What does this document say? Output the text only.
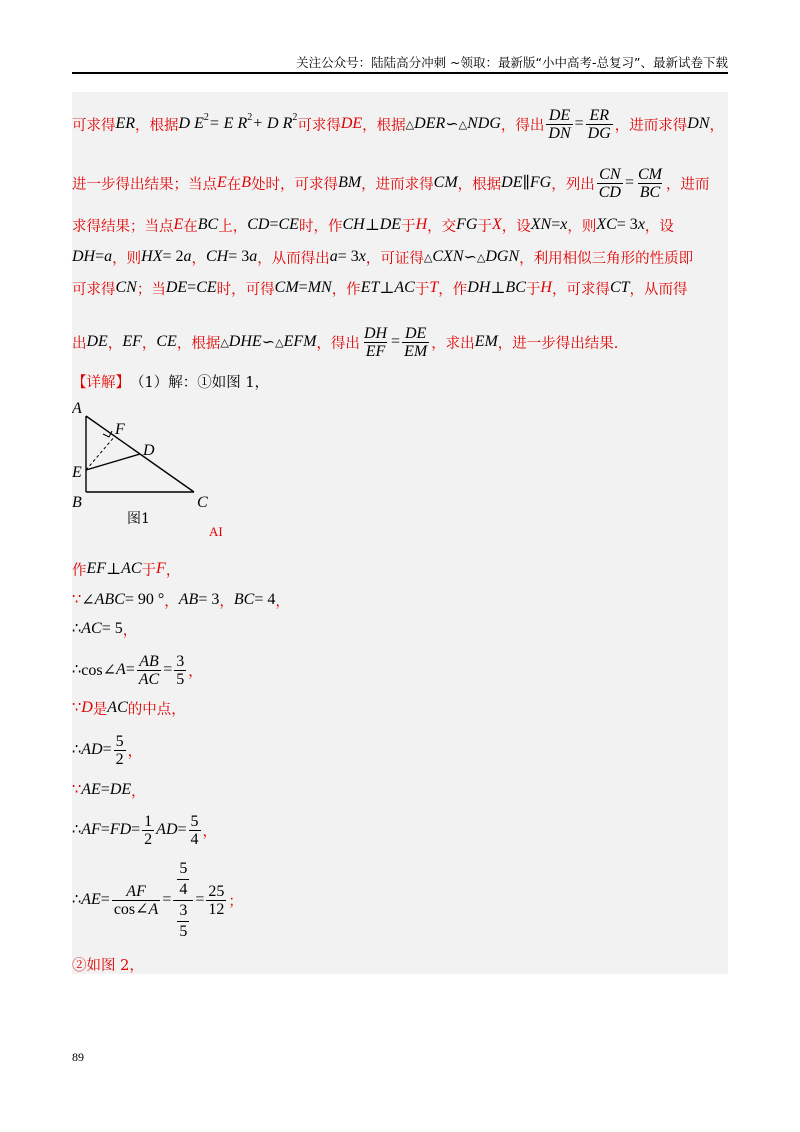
关注公众号：陆陆高分冲刺 ~领取：最新版“小中高考-总复习”、最新试卷下载
可求得 ER ，根据 D E 2 = E R 2 + D R 2
可求得 DE ，根据 △ DER ∽ △ NDG ，得出 $\frac{DE}{DN} = \frac{ER}{DG}$ ，进而求得 DN ，
进一步得出结果；当点 E 在 B 处时，可求得 BM ，进而求得 CM ，根据 DE ∥ FG ，列出 $\frac{CN}{CD} = \frac{CM}{BC}$ ，进而
求得结果；当点 E 在 BC 上， CD = CE 时，作 CH ⊥ DE 于 H ，交 FG 于 X ，设 XN = x ，则 XC = 3 x ，设
DH = a ，则 HX = 2 a ， CH = 3 a ，从而得出 a = 3 x ，可证得 △ CXN ∽ △ DGN ，利用相似三角形的性质即
可求得 CN ；当 DE = CE 时，可得 CM = MN ，作 ET ⊥ AC 于 T ，作 DH ⊥ BC 于 H ，可求得 CT ，从而得
出 DE ， EF ， CE ，根据 △ DHE ∽ △ EFM ，得出 $\frac{DH}{EF} = \frac{DE}{EM}$ ，求出 EM ，进一步得出结果.
【详解】 （1）解：①如图 1，
A
F
D
E
B	C
图1
AI
作 EF ⊥ AC 于 F ，
∵ ∠ ABC = 90 ° ， AB = 3 ， BC = 4 ，
∴ AC = 5 ，
∴ cos∠ $A = \frac{AB}{AC} = \frac{3}{5}$ ，
∵ D 是 AC 的中点，
∴ AD = $\frac{5}{2}$ ，
∵ AE = DE ，
∴ AF = FD = $\frac{1}{2}$ AD = $\frac{5}{4}$ ，
∴ AE = $\frac{AF}{\cos\angle A} = \frac{\frac{5}{4}}{\frac{3}{5}} = \frac{25}{12}$ ；
②如图 2，
89
